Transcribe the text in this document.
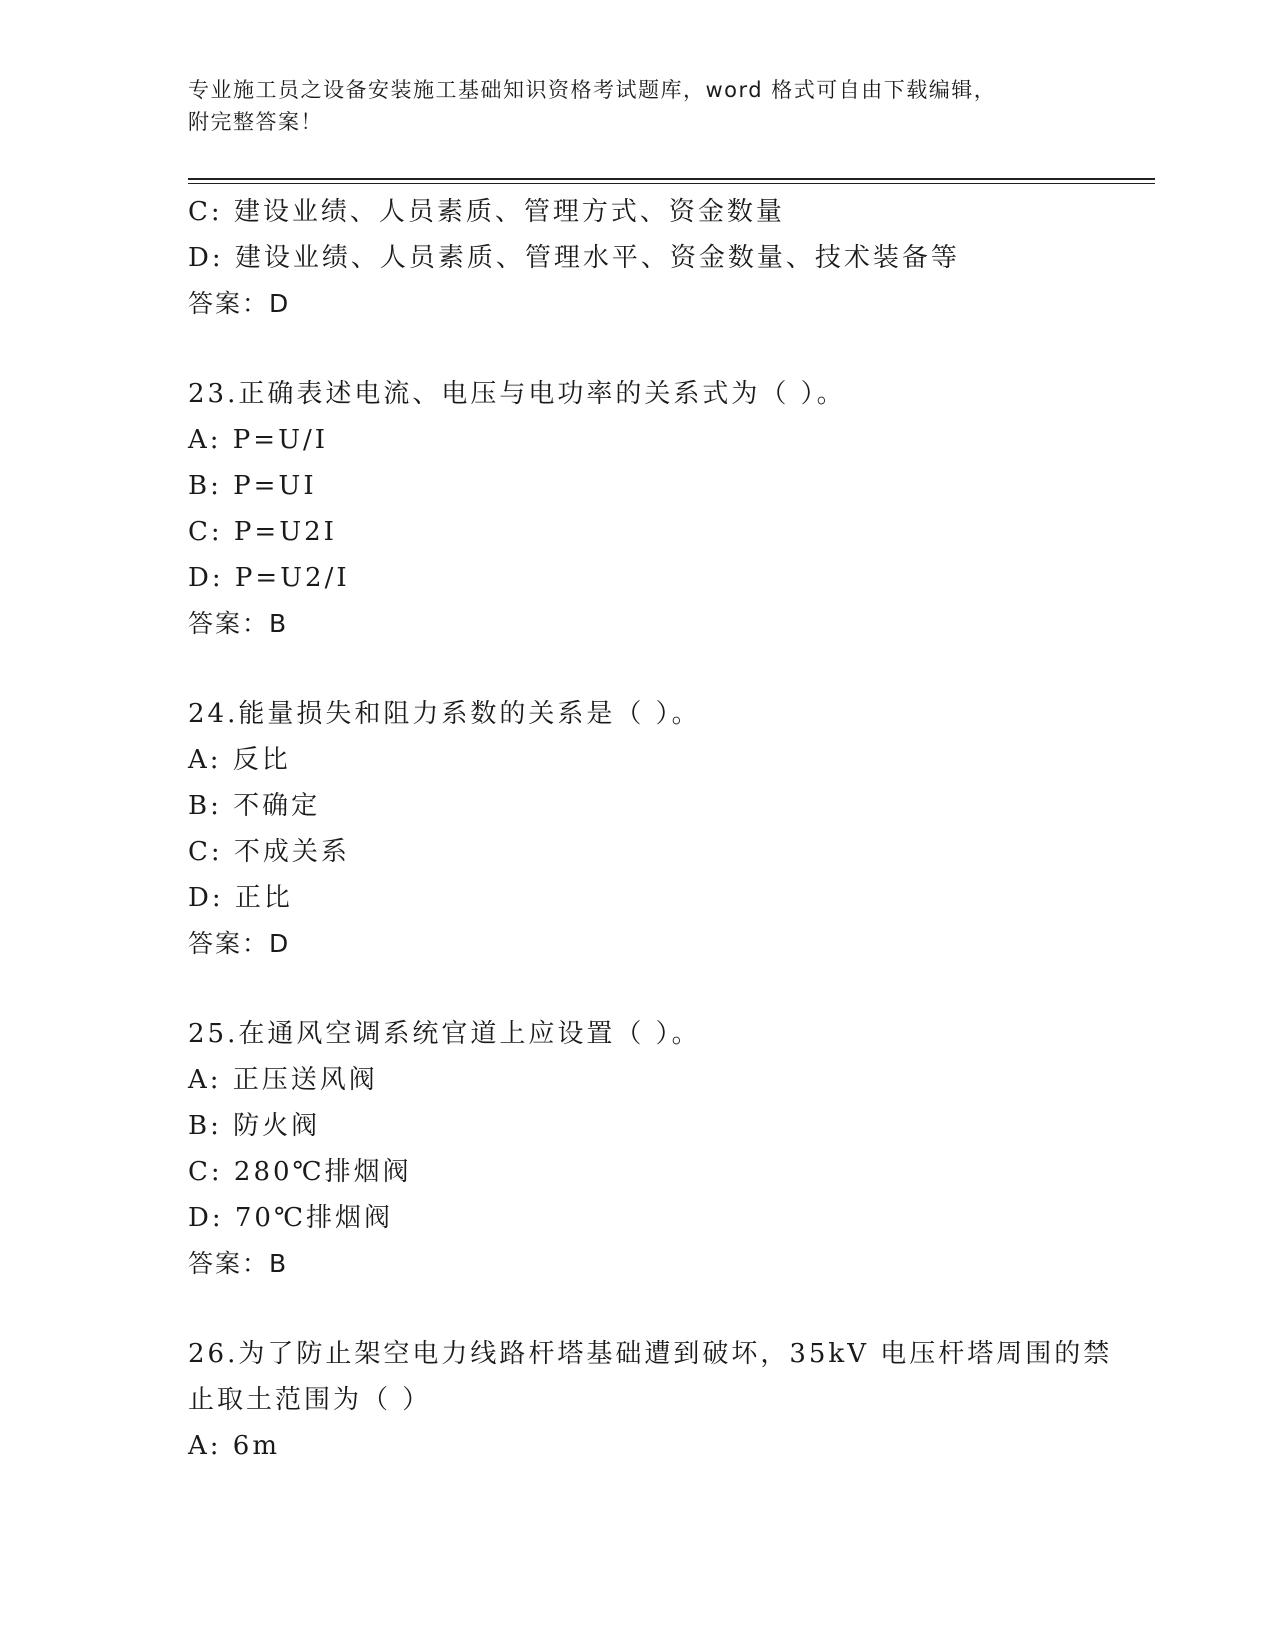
专业施工员之设备安装施工基础知识资格考试题库，word 格式可自由下载编辑，
附完整答案！
C: 建设业绩、人员素质、管理方式、资金数量
D: 建设业绩、人员素质、管理水平、资金数量、技术装备等
答案：D
23.正确表述电流、电压与电功率的关系式为（ ）。
A: P=U/I
B: P=UI
C: P=U2I
D: P=U2/I
答案：B
24.能量损失和阻力系数的关系是（ ）。
A: 反比
B: 不确定
C: 不成关系
D: 正比
答案：D
25.在通风空调系统官道上应设置（ ）。
A: 正压送风阀
B: 防火阀
C: 280℃排烟阀
D: 70℃排烟阀
答案：B
26.为了防止架空电力线路杆塔基础遭到破坏，35kV 电压杆塔周围的禁
止取土范围为（ ）
A: 6m
